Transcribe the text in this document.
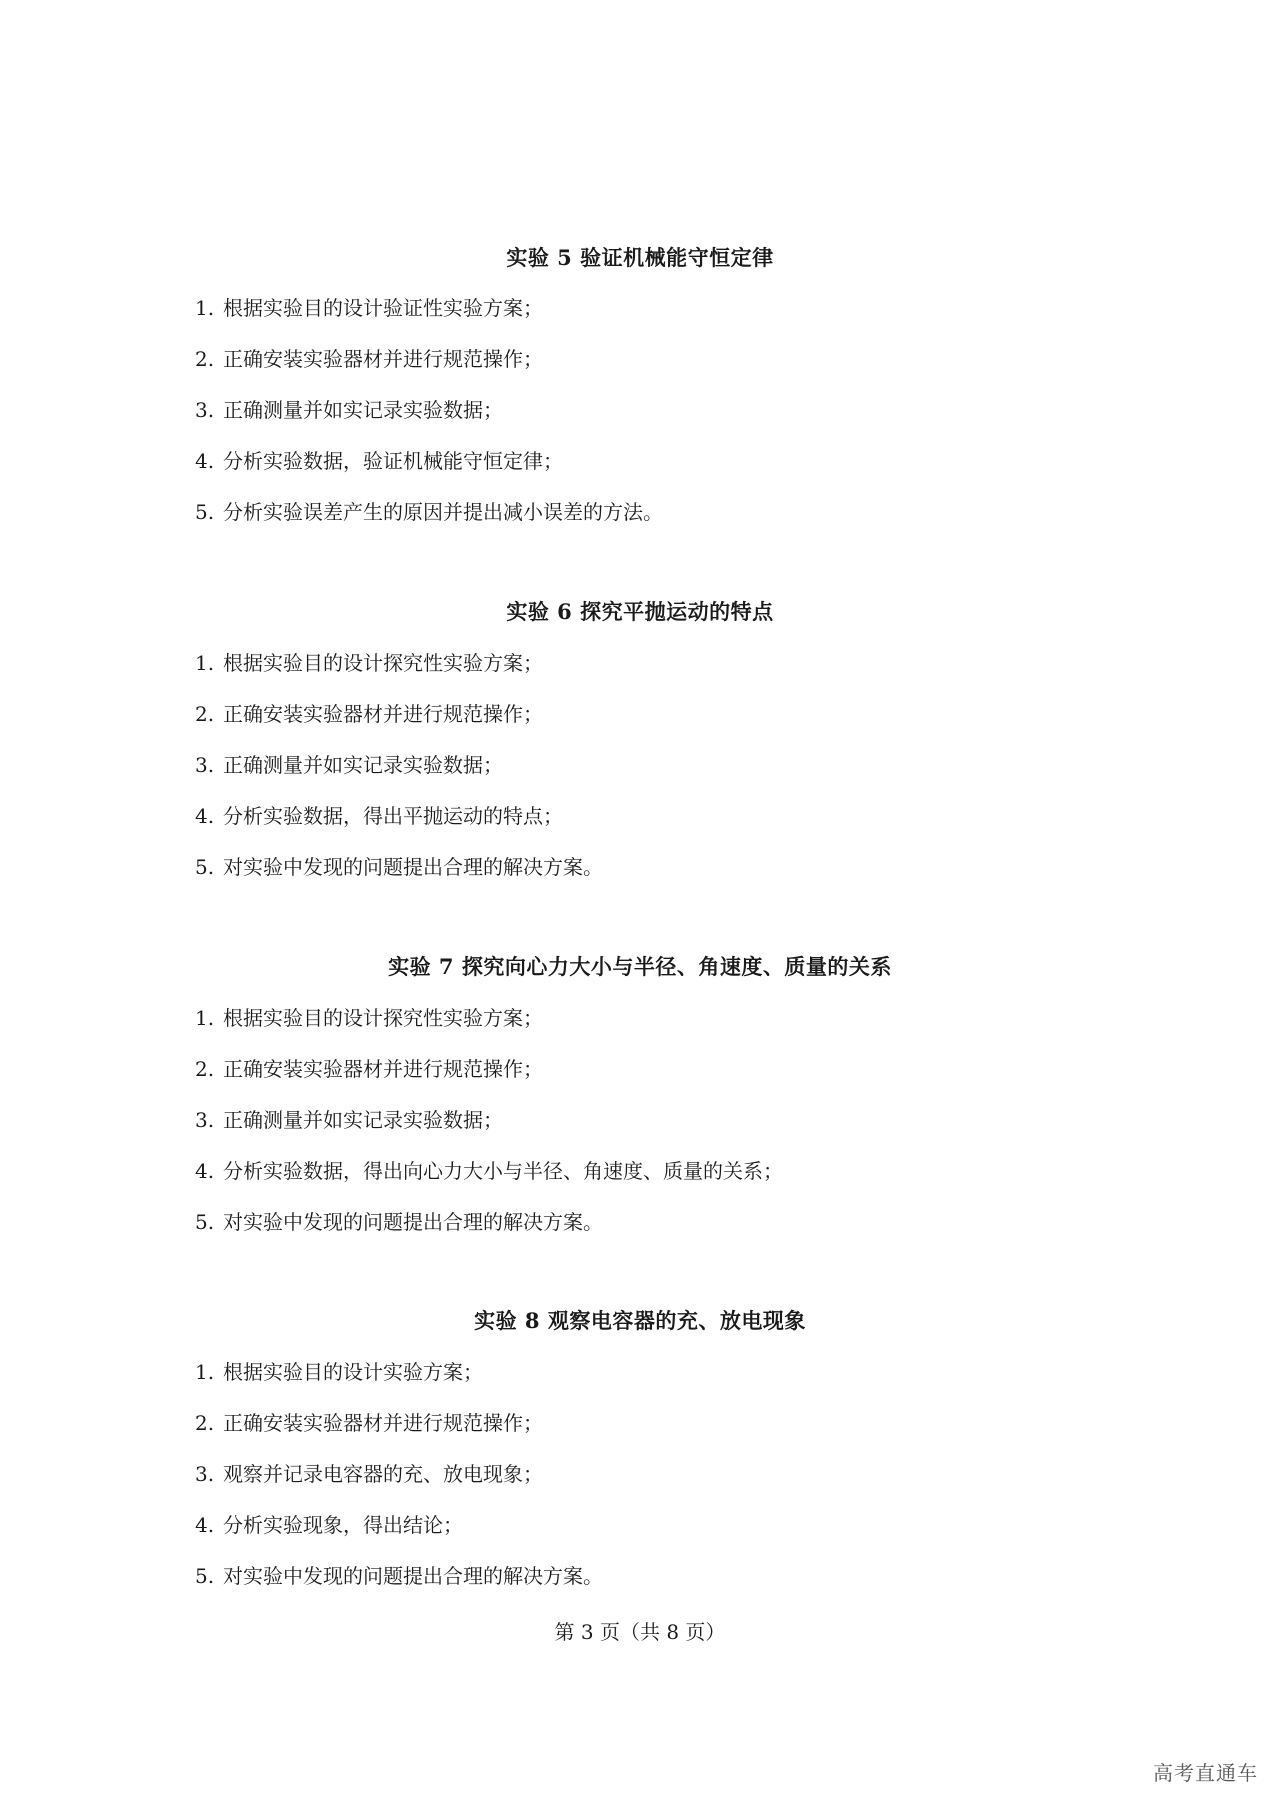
实验 5 验证机械能守恒定律
1. 根据实验目的设计验证性实验方案；
2. 正确安装实验器材并进行规范操作；
3. 正确测量并如实记录实验数据；
4. 分析实验数据，验证机械能守恒定律；
5. 分析实验误差产生的原因并提出减小误差的方法。
实验 6 探究平抛运动的特点
1. 根据实验目的设计探究性实验方案；
2. 正确安装实验器材并进行规范操作；
3. 正确测量并如实记录实验数据；
4. 分析实验数据，得出平抛运动的特点；
5. 对实验中发现的问题提出合理的解决方案。
实验 7 探究向心力大小与半径、角速度、质量的关系
1. 根据实验目的设计探究性实验方案；
2. 正确安装实验器材并进行规范操作；
3. 正确测量并如实记录实验数据；
4. 分析实验数据，得出向心力大小与半径、角速度、质量的关系；
5. 对实验中发现的问题提出合理的解决方案。
实验 8 观察电容器的充、放电现象
1. 根据实验目的设计实验方案；
2. 正确安装实验器材并进行规范操作；
3. 观察并记录电容器的充、放电现象；
4. 分析实验现象，得出结论；
5. 对实验中发现的问题提出合理的解决方案。
第 3 页（共 8 页）
高考直通车
